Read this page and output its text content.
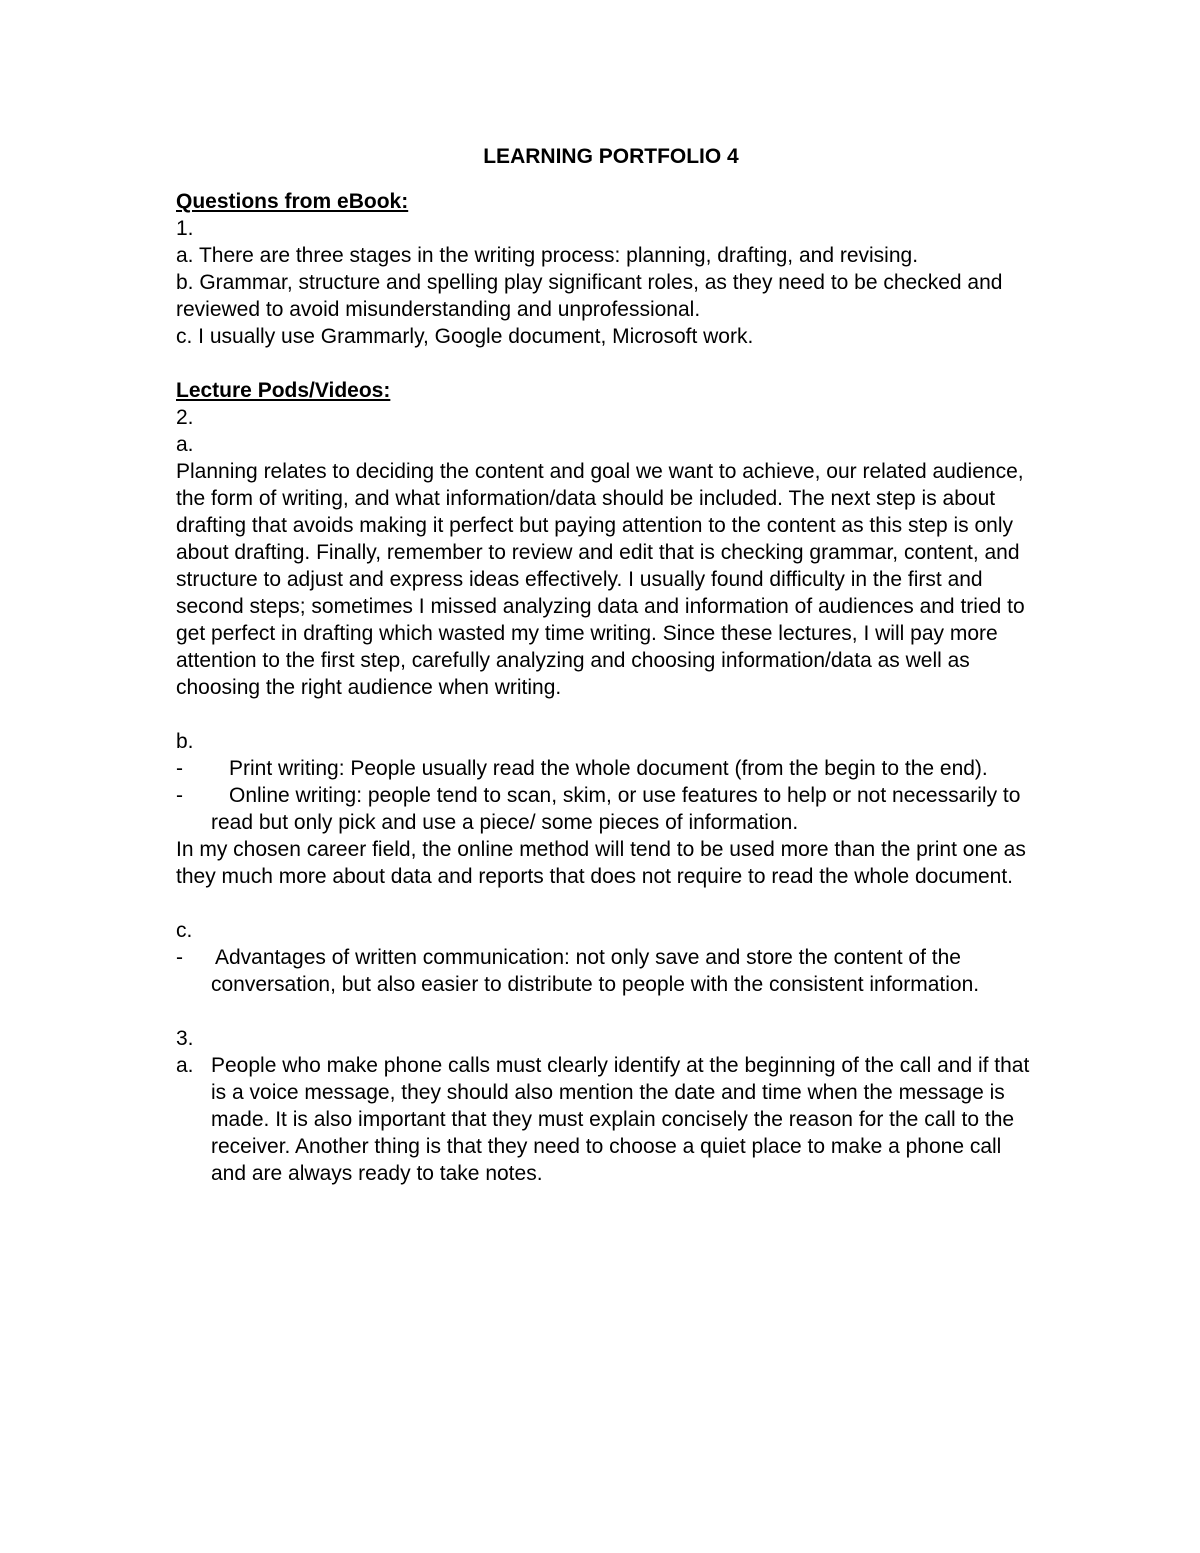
LEARNING PORTFOLIO 4

Questions from eBook:

1.

a. There are three stages in the writing process: planning, drafting, and revising.

b. Grammar, structure and spelling play significant roles, as they need to be checked and reviewed to avoid misunderstanding and unprofessional.

c. I usually use Grammarly, Google document, Microsoft work.

Lecture Pods/Videos:

2.

a.

Planning relates to deciding the content and goal we want to achieve, our related audience, the form of writing, and what information/data should be included. The next step is about drafting that avoids making it perfect but paying attention to the content as this step is only about drafting. Finally, remember to review and edit that is checking grammar, content, and structure to adjust and express ideas effectively. I usually found difficulty in the first and second steps; sometimes I missed analyzing data and information of audiences and tried to get perfect in drafting which wasted my time writing. Since these lectures, I will pay more attention to the first step, carefully analyzing and choosing information/data as well as choosing the right audience when writing.

b.

-	Print writing: People usually read the whole document (from the begin to the end).
-	Online writing: people tend to scan, skim, or use features to help or not necessarily to read but only pick and use a piece/ some pieces of information.

In my chosen career field, the online method will tend to be used more than the print one as they much more about data and reports that does not require to read the whole document.

c.

- Advantages of written communication: not only save and store the content of the conversation, but also easier to distribute to people with the consistent information.

3.

a. People who make phone calls must clearly identify at the beginning of the call and if that is a voice message, they should also mention the date and time when the message is made. It is also important that they must explain concisely the reason for the call to the receiver. Another thing is that they need to choose a quiet place to make a phone call and are always ready to take notes.
